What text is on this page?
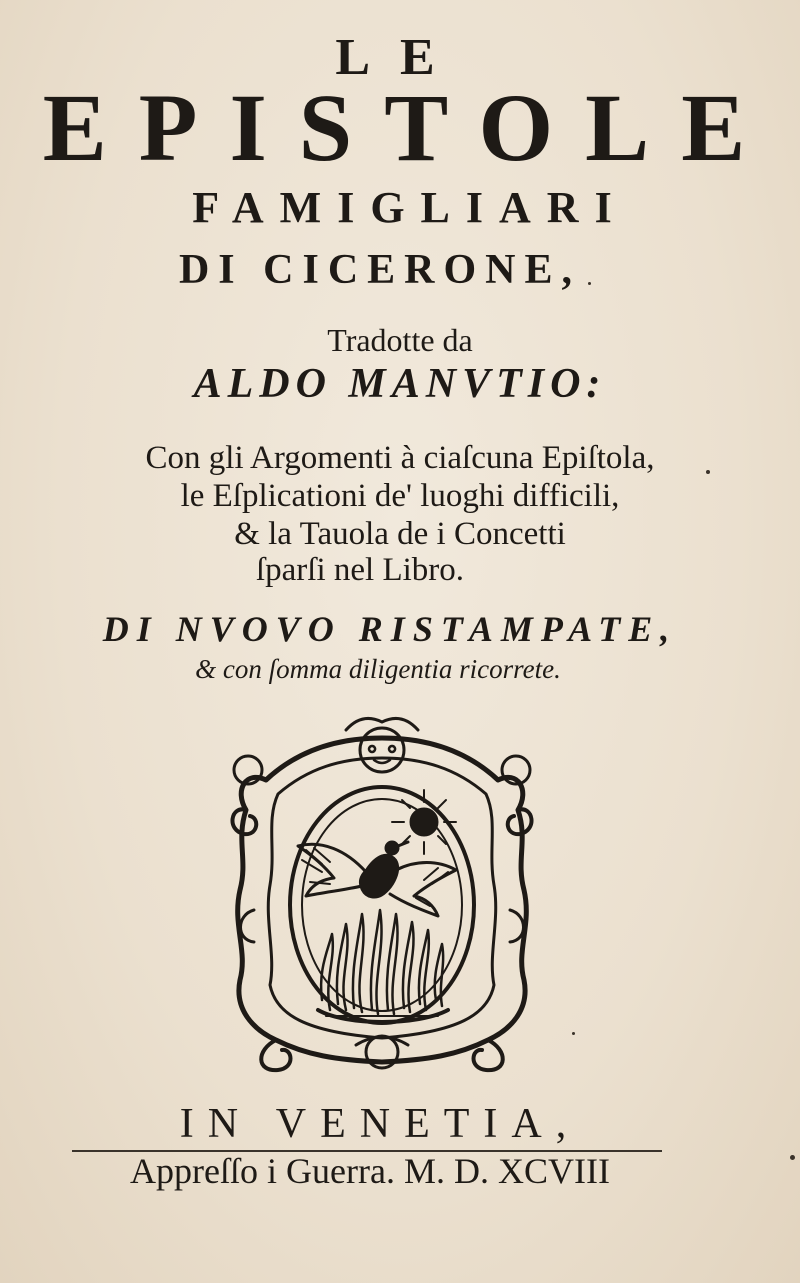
LE
EPISTOLE
FAMIGLIARI
DI CICERONE,
Tradotte da
ALDO MANVTIO:
Con gli Argomenti à ciaſcuna Epiſtola,
le Eſplicationi de' luoghi difficili,
& la Tauola de i Concetti
ſparſi nel Libro.
DI NVOVO RISTAMPATE,
& con ſomma diligentia ricorrete.
IN VENETIA,
Appreſſo i Guerra. M. D. XCVIII
